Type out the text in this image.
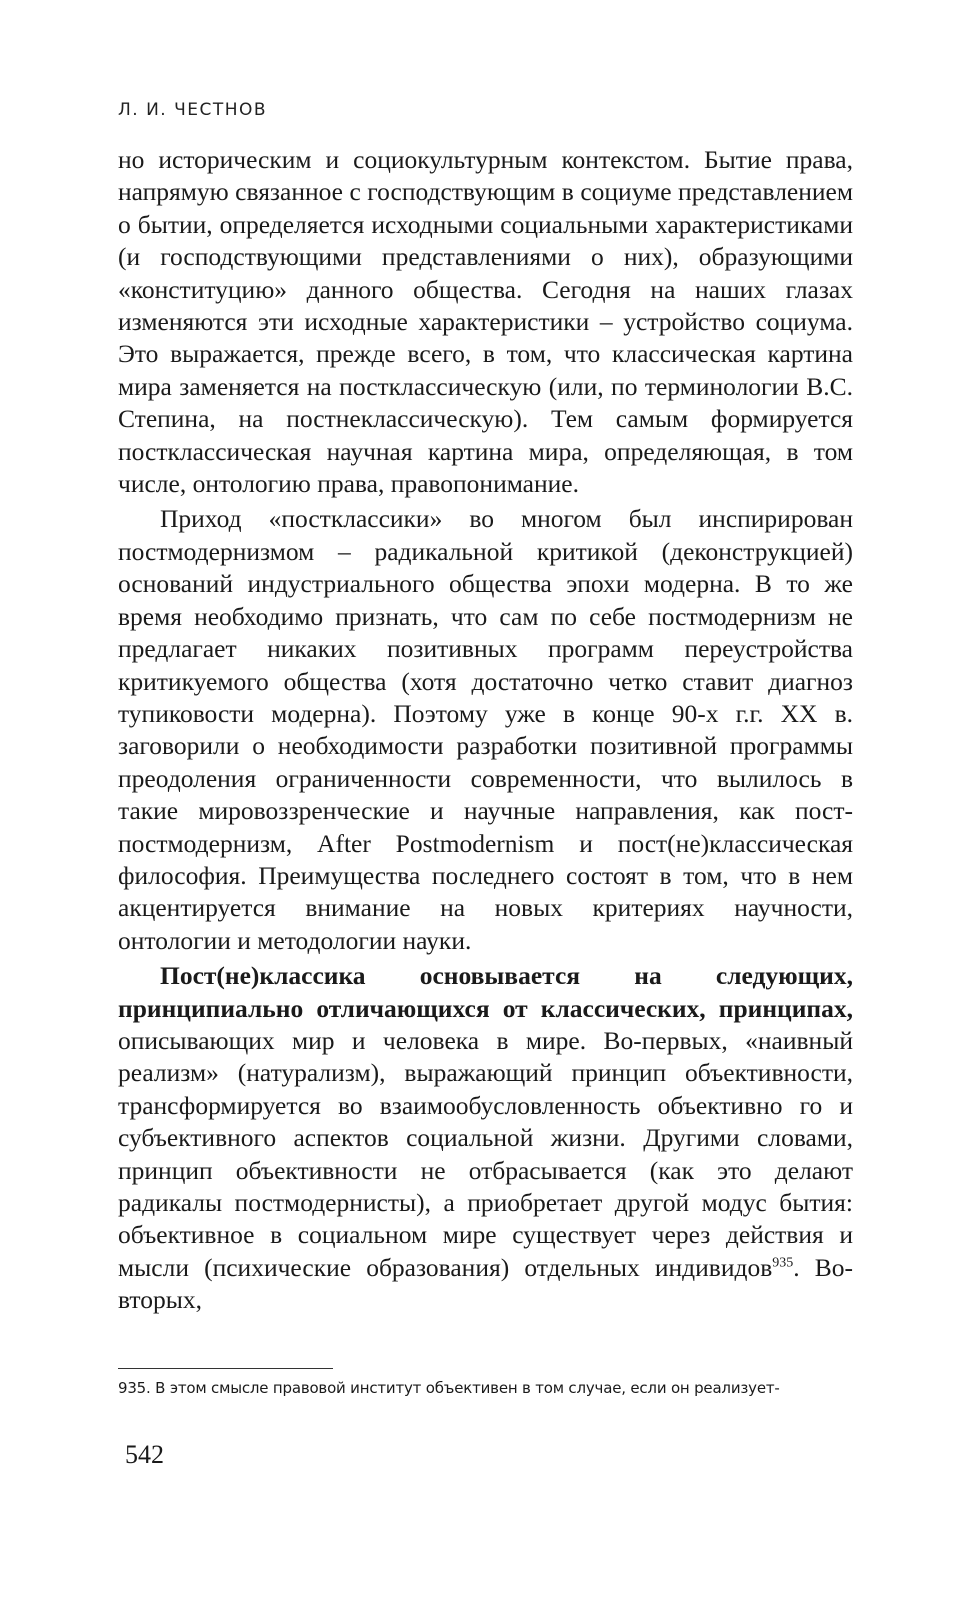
Л. И. ЧЕСТНОВ

но историческим и социокультурным контекстом. Бытие права, напрямую связанное с господствующим в социуме представлением о бытии, определяется исходными социальными характеристиками (и господствующими представлениями о них), образующими «конституцию» данного общества. Сегодня на наших глазах изменяются эти исходные характеристики – устройство социума. Это выражается, прежде всего, в том, что классическая картина мира заменяется на постклассическую (или, по терминологии В.С. Степина, на постнеклассическую). Тем самым формируется постклассическая научная картина мира, определяющая, в том числе, онтологию права, правопонимание.

Приход «постклассики» во многом был инспирирован постмодернизмом – радикальной критикой (деконструкцией) оснований индустриального общества эпохи модерна. В то же время необходимо признать, что сам по себе постмодернизм не предлагает никаких позитивных программ переустройства критикуемого общества (хотя достаточно четко ставит диагноз тупиковости модерна). Поэтому уже в конце 90-х г.г. XX в. заговорили о необходимости разработки позитивной программы преодоления ограниченности современности, что вылилось в такие мировоззренческие и научные направления, как пост-постмодернизм, After Postmodernism и пост(не)классическая философия. Преимущества последнего состоят в том, что в нем акцентируется внимание на новых критериях научности, онтологии и методологии науки.

Пост(не)классика основывается на следующих, принципиально отличающихся от классических, принципах, описывающих мир и человека в мире. Во-первых, «наивный реализм» (натурализм), выражающий принцип объективности, трансформируется во взаимообусловленность объективно го и субъективного аспектов социальной жизни. Другими словами, принцип объективности не отбрасывается (как это делают радикалы постмодернисты), а приобретает другой модус бытия: объективное в социальном мире существует через действия и мысли (психические образования) отдельных индивидов$^{935}$. Во-вторых,

935. В этом смысле правовой институт объективен в том случае, если он реализует-
542
